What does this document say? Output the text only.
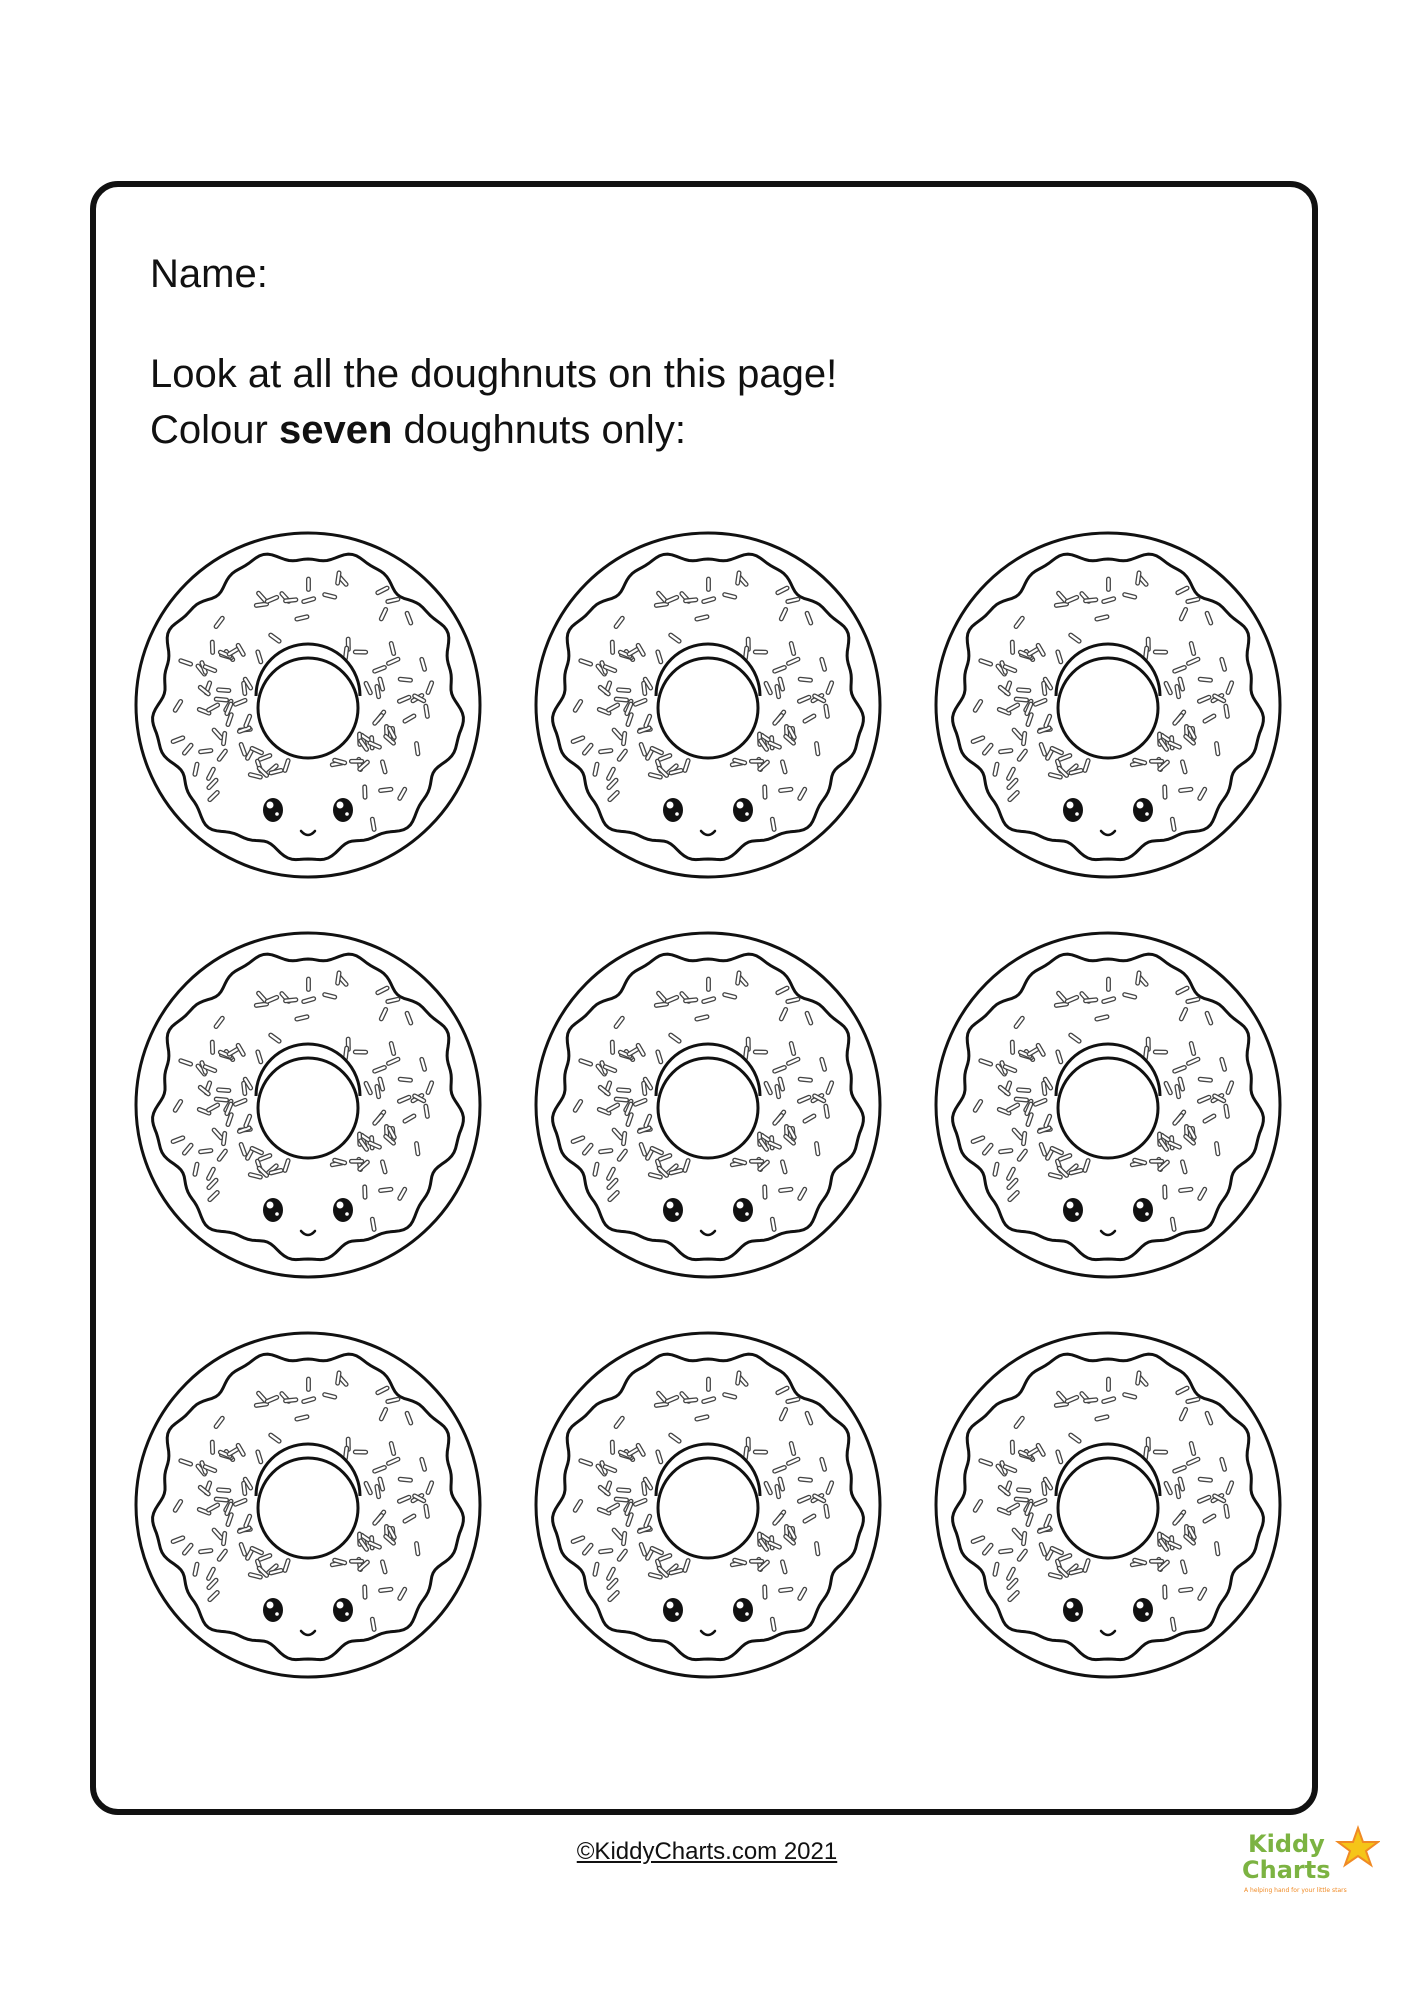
Name:

Look at all the doughnuts on this page!

Colour seven doughnuts only:

©KiddyCharts.com 2021	Kiddy
Charts
A helping hand for your little stars
